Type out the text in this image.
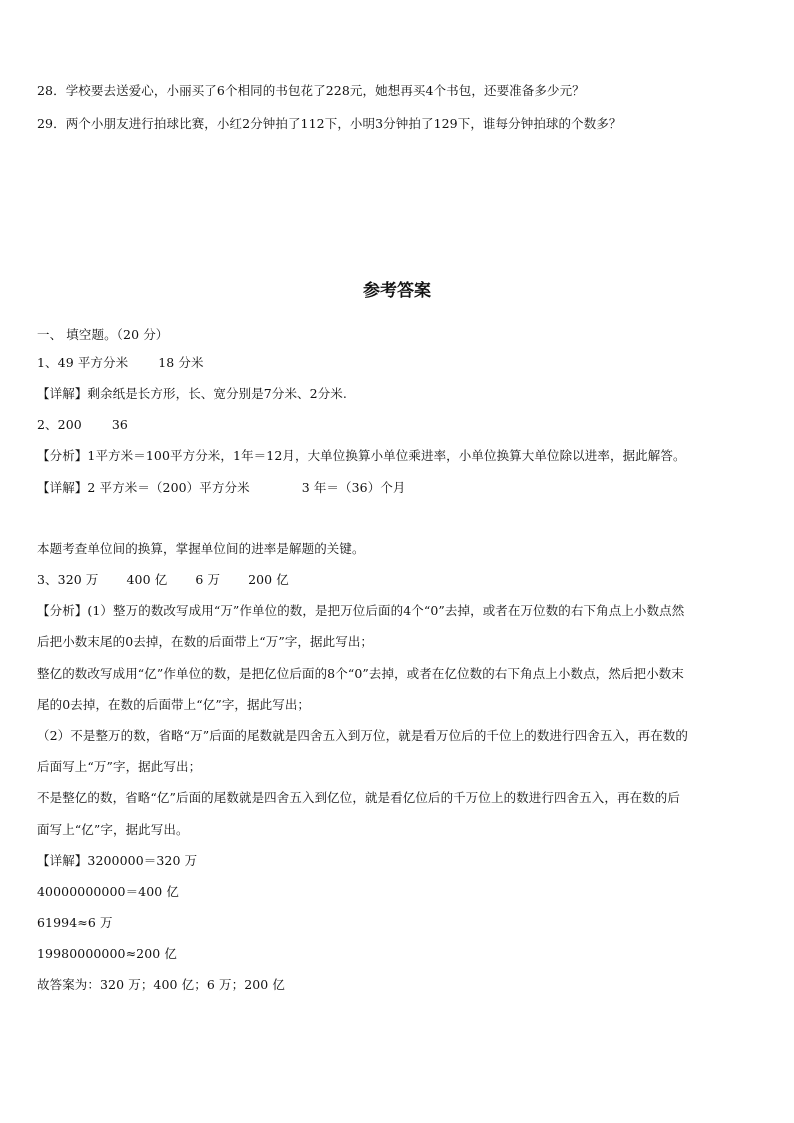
28．学校要去送爱心，小丽买了6个相同的书包花了228元，她想再买4个书包，还要准备多少元？
29．两个小朋友进行拍球比赛，小红2分钟拍了112下，小明3分钟拍了129下，谁每分钟拍球的个数多？
参考答案
一、 填空题。（20 分）
1、49 平方分米 18 分米
【详解】剩余纸是长方形，长、宽分别是7分米、2分米.
2、200 36
【分析】1平方米＝100平方分米，1年＝12月，大单位换算小单位乘进率，小单位换算大单位除以进率，据此解答。
【详解】2 平方米＝（200）平方分米	3 年＝（36）个月
本题考查单位间的换算，掌握单位间的进率是解题的关键。
3、320 万 400 亿 6 万 200 亿
【分析】(1）整万的数改写成用“万”作单位的数，是把万位后面的4个“0”去掉，或者在万位数的右下角点上小数点然
后把小数末尾的0去掉，在数的后面带上“万”字，据此写出；
整亿的数改写成用“亿”作单位的数，是把亿位后面的8个“0”去掉，或者在亿位数的右下角点上小数点，然后把小数末
尾的0去掉，在数的后面带上“亿”字，据此写出；
（2）不是整万的数，省略“万”后面的尾数就是四舍五入到万位，就是看万位后的千位上的数进行四舍五入，再在数的
后面写上“万”字，据此写出；
不是整亿的数，省略“亿”后面的尾数就是四舍五入到亿位，就是看亿位后的千万位上的数进行四舍五入，再在数的后
面写上“亿”字，据此写出。
【详解】3200000＝320 万
40000000000＝400 亿
61994≈6 万
19980000000≈200 亿
故答案为：320 万；400 亿；6 万；200 亿
